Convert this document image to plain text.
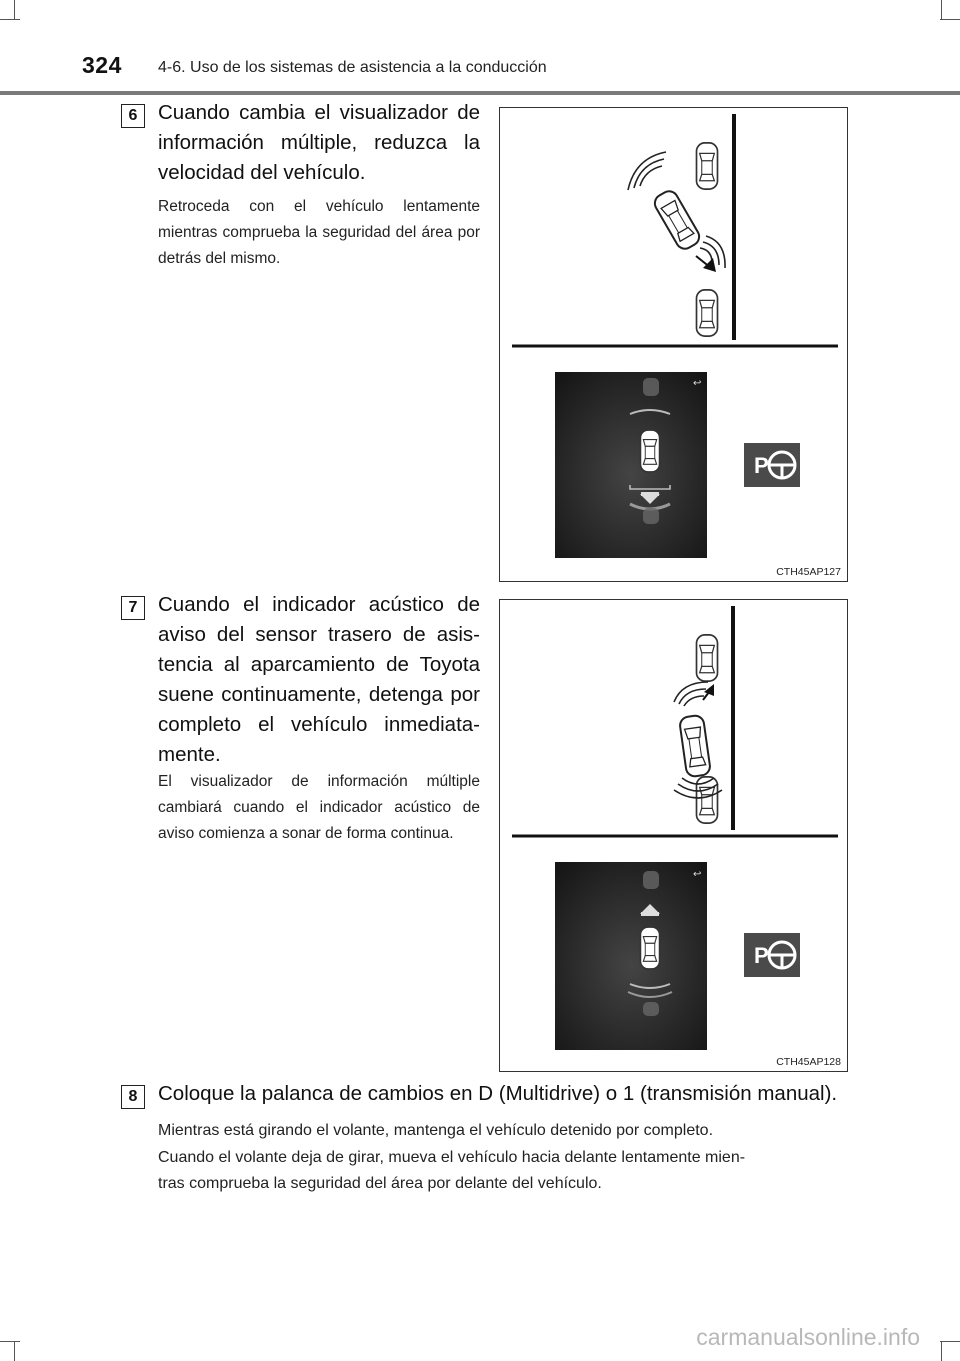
324 4-6. Uso de los sistemas de asistencia a la conducción
6	Cuando cambia el visualizador de información múltiple, reduzca la velocidad del vehículo.
Retroceda con el vehículo lentamente mientras comprueba la seguridad del área por detrás del mismo.
↩
P
CTH45AP127
7	Cuando el indicador acústico de aviso del sensor trasero de asis-tencia al aparcamiento de Toyota suene continuamente, detenga por completo el vehículo inmediata-mente.
El visualizador de información múltiple cambiará cuando el indicador acústico de aviso comienza a sonar de forma continua.
↩
P
CTH45AP128
8	Coloque la palanca de cambios en D (Multidrive) o 1 (transmisión manual).
Mientras está girando el volante, mantenga el vehículo detenido por completo.
Cuando el volante deja de girar, mueva el vehículo hacia delante lentamente mien-
tras comprueba la seguridad del área por delante del vehículo.
carmanualsonline.info
